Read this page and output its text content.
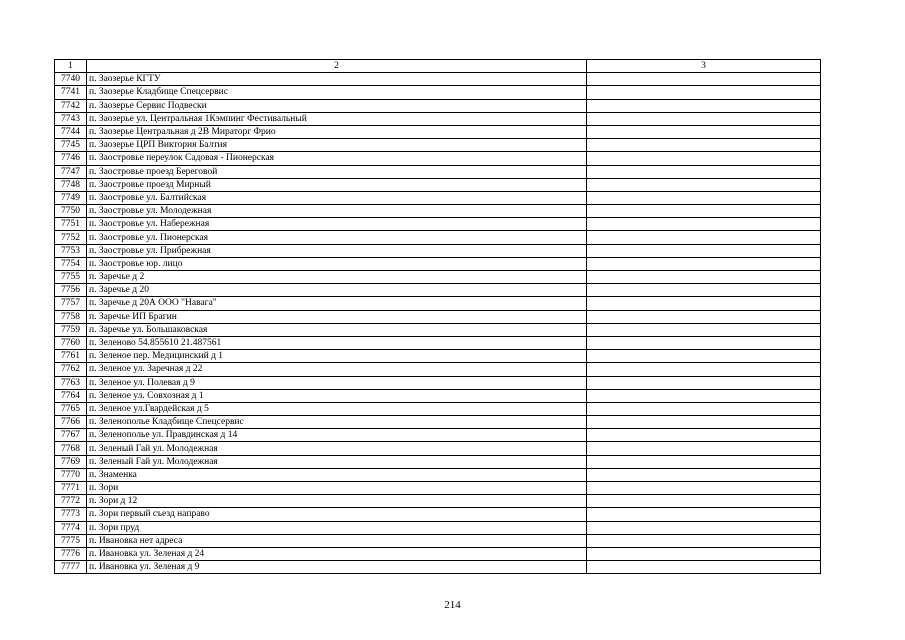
1	2	3
7740	п. Заозерье КГТУ	
7741	п. Заозерье Кладбище Спецсервис	
7742	п. Заозерье Сервис Подвески	
7743	п. Заозерье ул. Центральная 1Кэмпинг Фестивальный	
7744	п. Заозерье Центральная д 2В Мираторг Фрио	
7745	п. Заозерье ЦРП Виктория Балтия	
7746	п. Заостровье переулок Садовая - Пионерская	
7747	п. Заостровье проезд Береговой	
7748	п. Заостровье проезд Мирный	
7749	п. Заостровье ул. Балтийская	
7750	п. Заостровье ул. Молодежная	
7751	п. Заостровье ул. Набережная	
7752	п. Заостровье ул. Пионерская	
7753	п. Заостровье ул. Прибрежная	
7754	п. Заостровье юр. лицо	
7755	п. Заречье д 2	
7756	п. Заречье д 20	
7757	п. Заречье д 20А ООО "Навага"	
7758	п. Заречье ИП Брагин	
7759	п. Заречье ул. Большаковская	
7760	п. Зеленово 54.855610 21.487561	
7761	п. Зеленое пер. Медицинский д 1	
7762	п. Зеленое ул. Заречная д 22	
7763	п. Зеленое ул. Полевая д 9	
7764	п. Зеленое ул. Совхозная д 1	
7765	п. Зеленое ул.Гвардейская д 5	
7766	п. Зеленополье Кладбище Спецсервис	
7767	п. Зеленополье ул. Правдинская д 14	
7768	п. Зеленый Гай ул. Молодежная	
7769	п. Зеленый Гай ул. Молодежная	
7770	п. Знаменка	
7771	п. Зори	
7772	п. Зори д 12	
7773	п. Зори первый съезд направо	
7774	п. Зори пруд	
7775	п. Ивановка нет адреса	
7776	п. Ивановка ул. Зеленая д 24	
7777	п. Ивановка ул. Зеленая д 9	
214
